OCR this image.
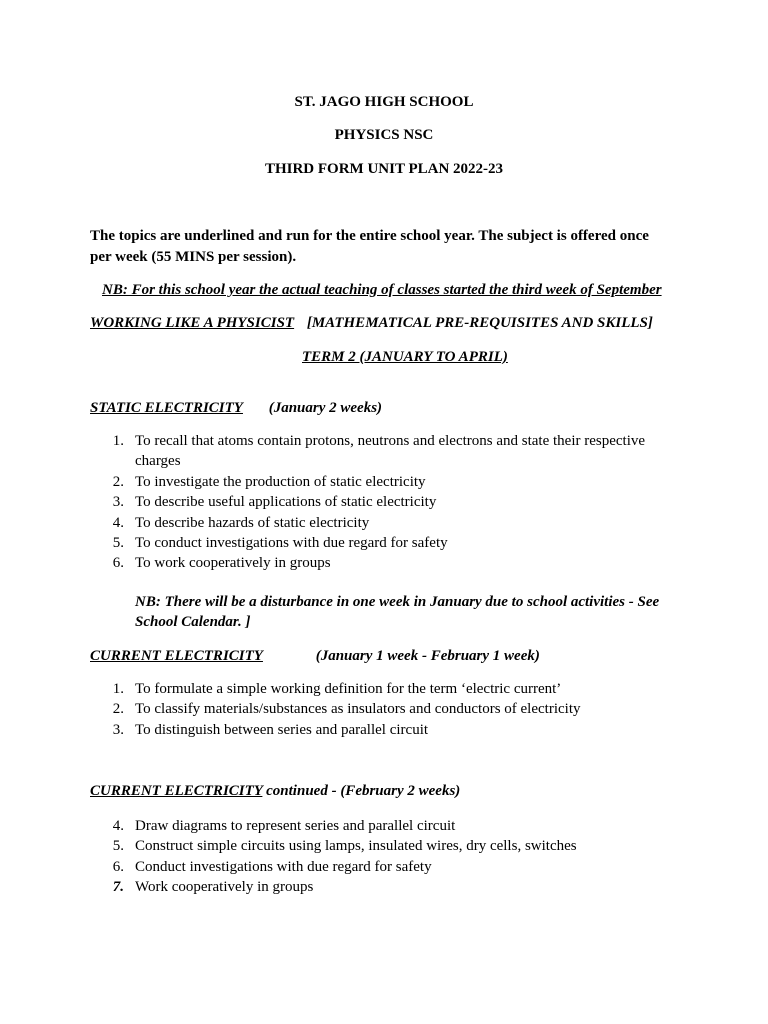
ST. JAGO HIGH SCHOOL
PHYSICS NSC
THIRD FORM UNIT PLAN 2022-23
The topics are underlined and run for the entire school year. The subject is offered once per week (55 MINS per session).
NB: For this school year the actual teaching of classes started the third week of September
WORKING LIKE A PHYSICIST [MATHEMATICAL PRE-REQUISITES AND SKILLS]
TERM 2 (JANUARY TO APRIL)
STATIC ELECTRICITY (January 2 weeks)
1. To recall that atoms contain protons, neutrons and electrons and state their respective charges
2. To investigate the production of static electricity
3. To describe useful applications of static electricity
4. To describe hazards of static electricity
5. To conduct investigations with due regard for safety
6. To work cooperatively in groups
NB: There will be a disturbance in one week in January due to school activities - See School Calendar. ]
CURRENT ELECTRICITY	(January 1 week - February 1 week)
1. To formulate a simple working definition for the term ‘electric current’
2. To classify materials/substances as insulators and conductors of electricity
3. To distinguish between series and parallel circuit
CURRENT ELECTRICITY continued - (February 2 weeks)
4. Draw diagrams to represent series and parallel circuit
5. Construct simple circuits using lamps, insulated wires, dry cells, switches
6. Conduct investigations with due regard for safety
7. Work cooperatively in groups
